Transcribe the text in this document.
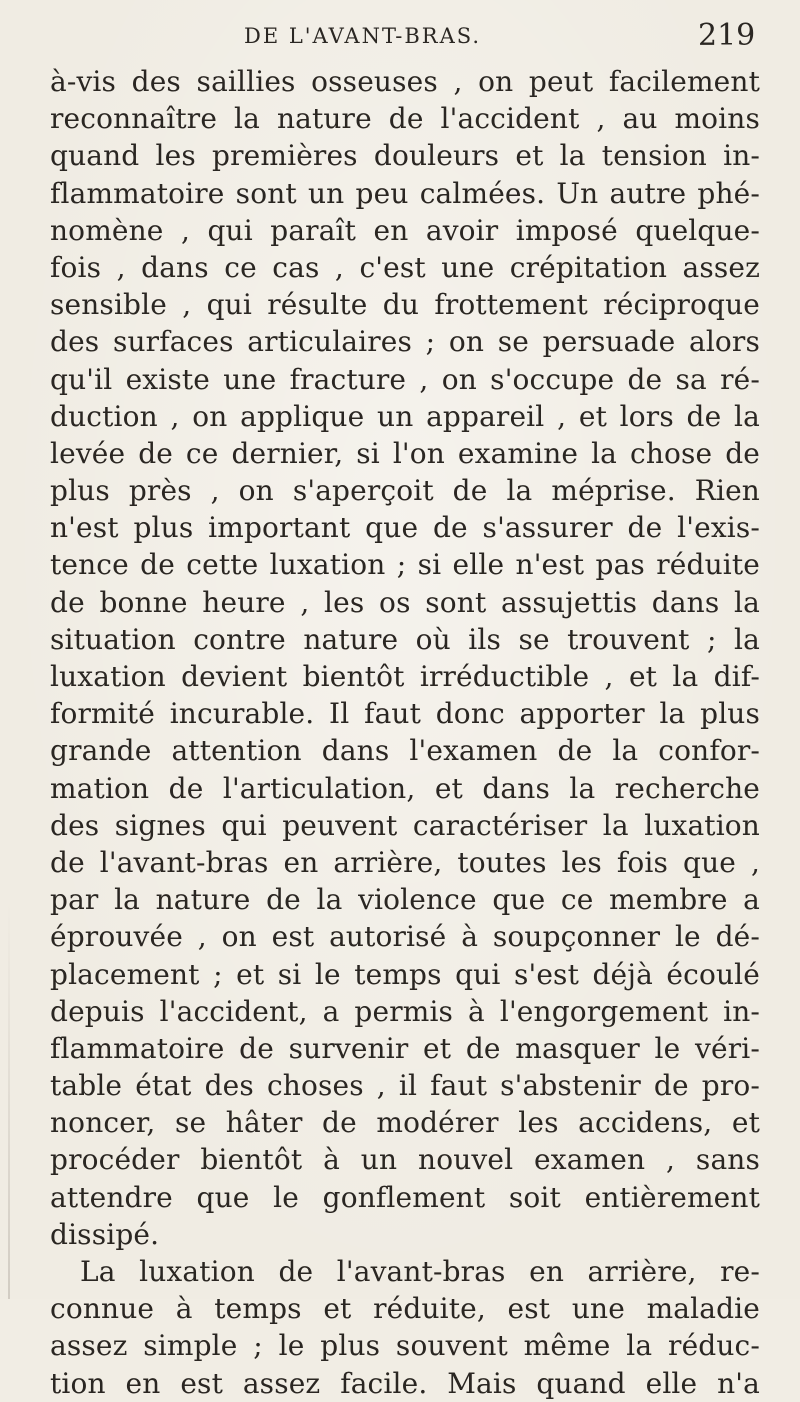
DE L'AVANT-BRAS.	219
à-vis des saillies osseuses , on peut facilement
reconnaître la nature de l'accident , au moins
quand les premières douleurs et la tension in-
flammatoire sont un peu calmées. Un autre phé-
nomène , qui paraît en avoir imposé quelque-
fois , dans ce cas , c'est une crépitation assez
sensible , qui résulte du frottement réciproque
des surfaces articulaires ; on se persuade alors
qu'il existe une fracture , on s'occupe de sa ré-
duction , on applique un appareil , et lors de la
levée de ce dernier, si l'on examine la chose de
plus près , on s'aperçoit de la méprise. Rien
n'est plus important que de s'assurer de l'exis-
tence de cette luxation ; si elle n'est pas réduite
de bonne heure , les os sont assujettis dans la
situation contre nature où ils se trouvent ; la
luxation devient bientôt irréductible , et la dif-
formité incurable. Il faut donc apporter la plus
grande attention dans l'examen de la confor-
mation de l'articulation, et dans la recherche
des signes qui peuvent caractériser la luxation
de l'avant-bras en arrière, toutes les fois que ,
par la nature de la violence que ce membre a
éprouvée , on est autorisé à soupçonner le dé-
placement ; et si le temps qui s'est déjà écoulé
depuis l'accident, a permis à l'engorgement in-
flammatoire de survenir et de masquer le véri-
table état des choses , il faut s'abstenir de pro-
noncer, se hâter de modérer les accidens, et
procéder bientôt à un nouvel examen , sans
attendre que le gonflement soit entièrement
dissipé.
La luxation de l'avant-bras en arrière, re-
connue à temps et réduite, est une maladie
assez simple ; le plus souvent même la réduc-
tion en est assez facile. Mais quand elle n'a
